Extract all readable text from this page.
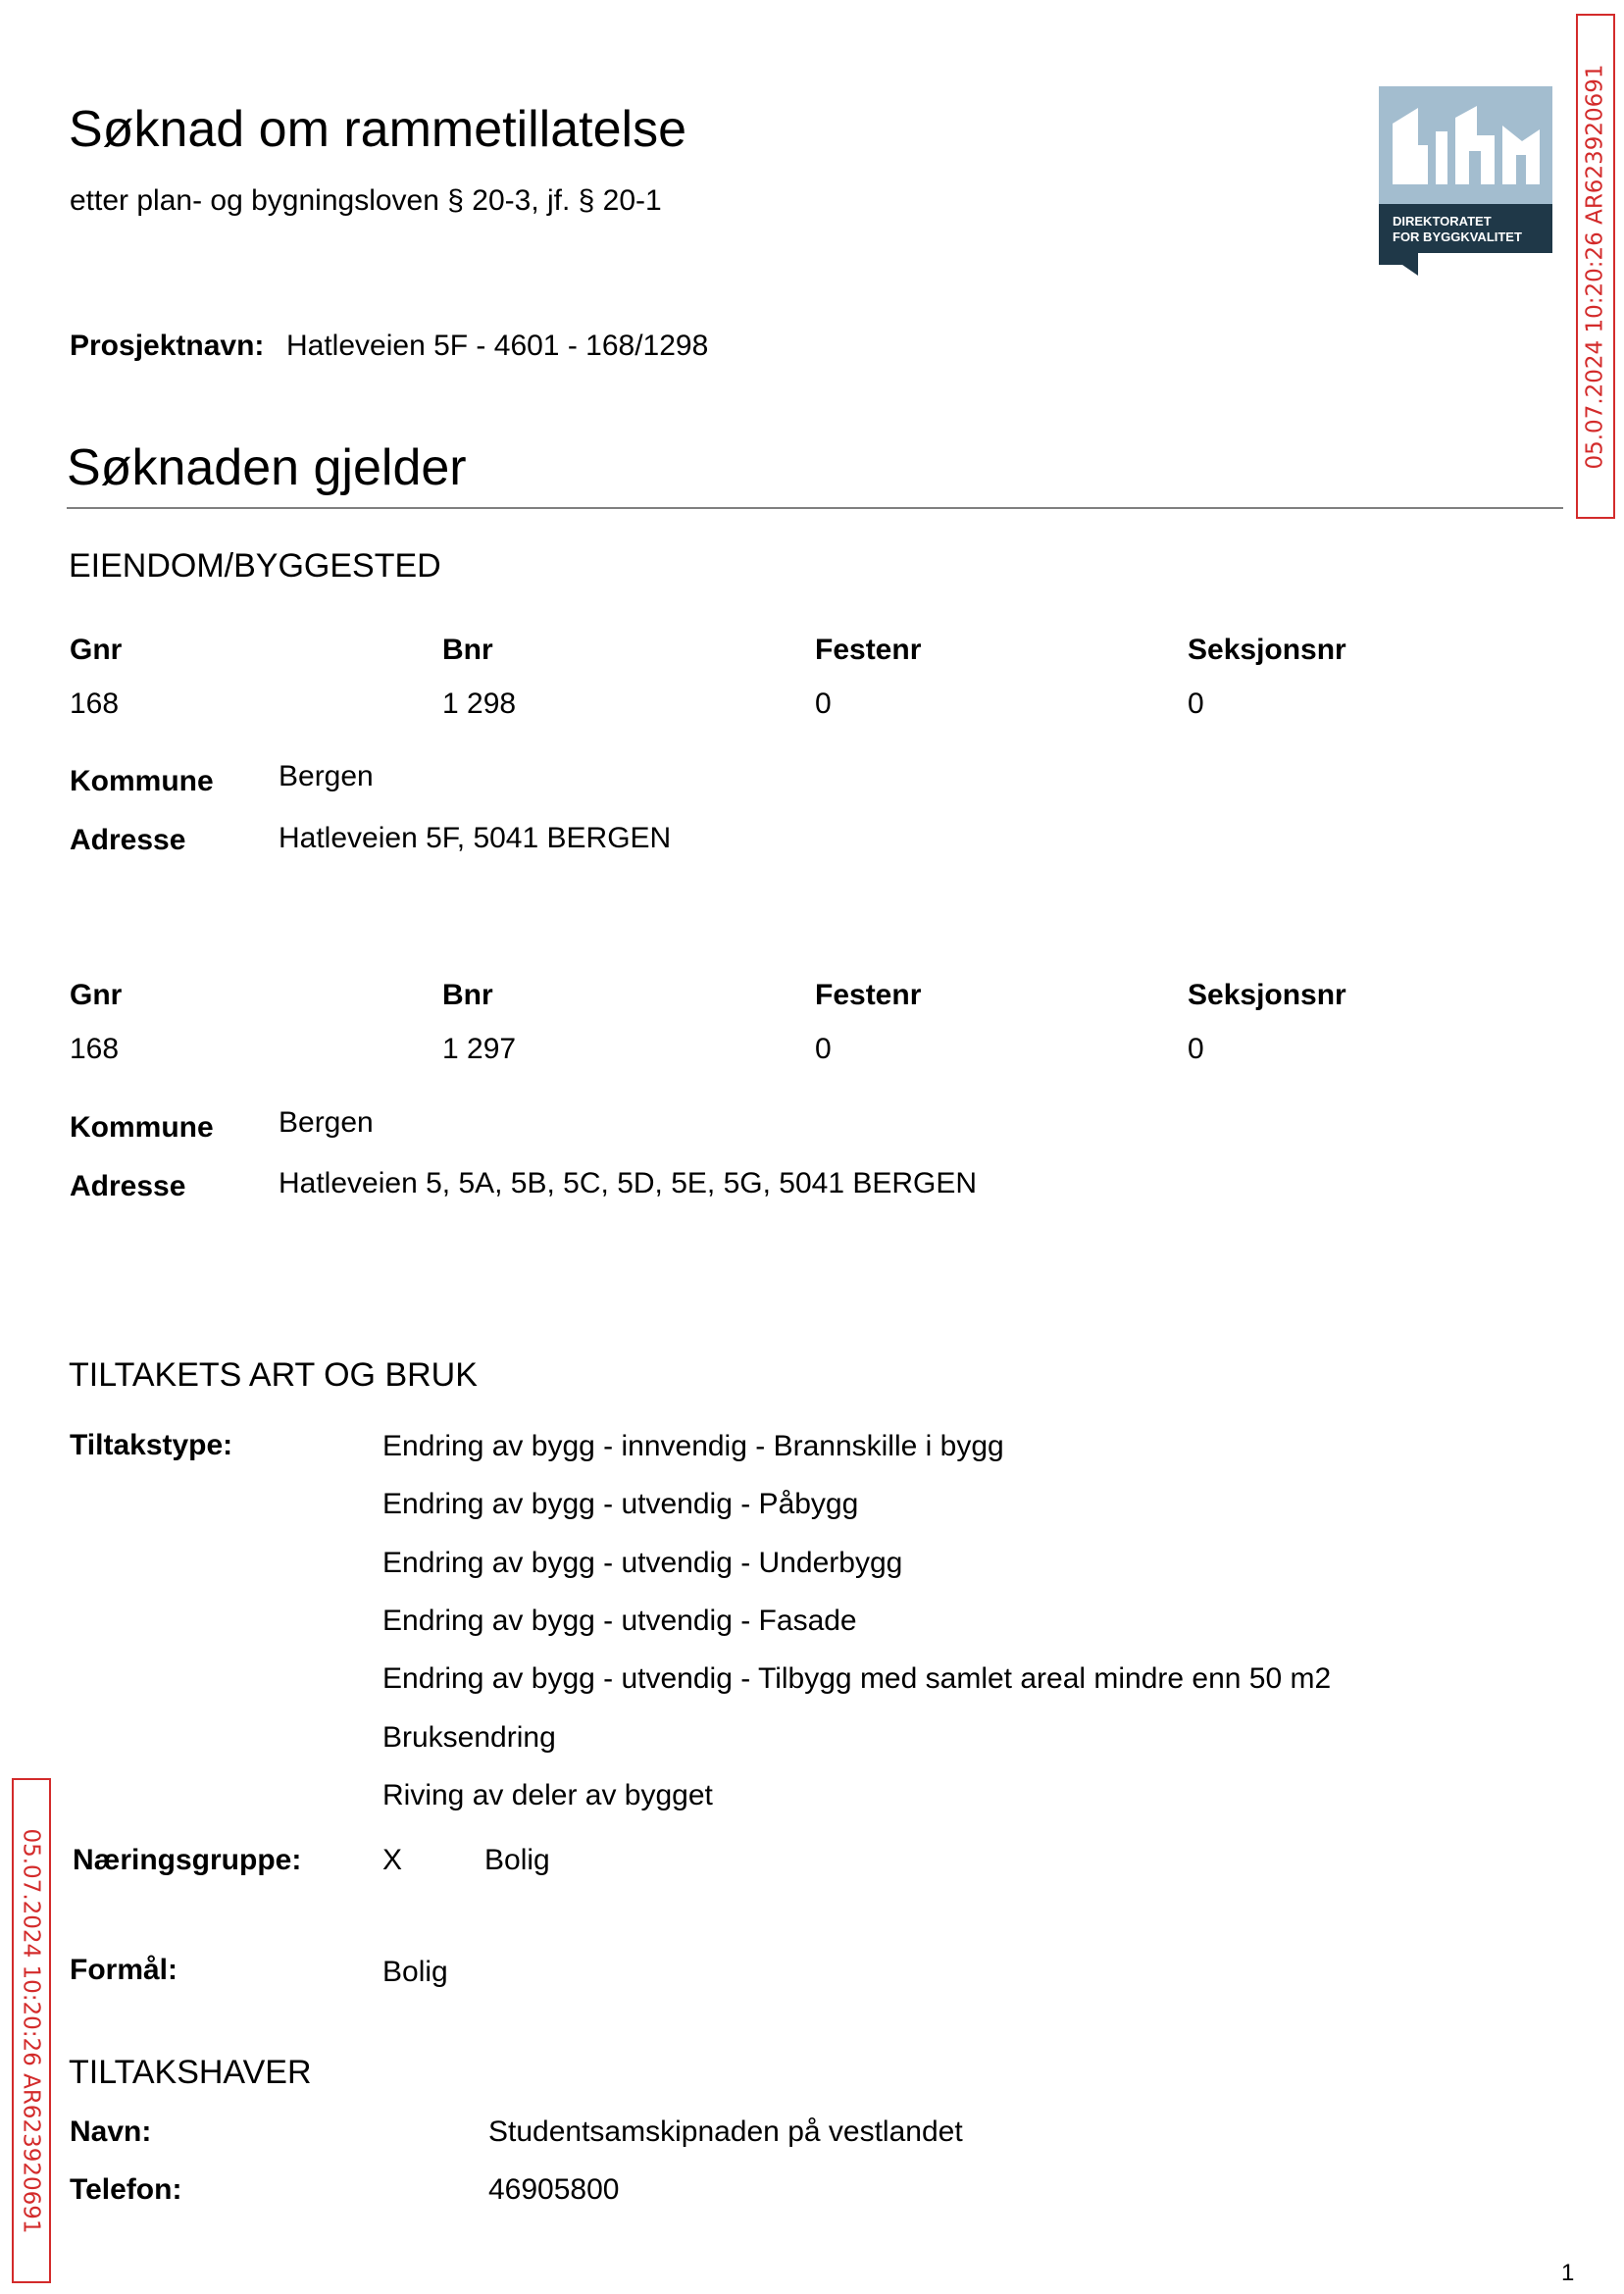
Søknad om rammetillatelse
etter plan- og bygningsloven § 20-3, jf. § 20-1
DIREKTORATET
FOR BYGGKVALITET	05.07.2024 10:20:26 AR623920691
05.07.2024 10:20:26 AR623920691
Prosjektnavn: Hatleveien 5F - 4601 - 168/1298
Søknaden gjelder
EIENDOM/BYGGESTED
Gnr	Bnr	Festenr	Seksjonsnr
168	1 298	0	0
Kommune Bergen
Adresse	Hatleveien 5F, 5041 BERGEN
Gnr	Bnr	Festenr	Seksjonsnr
168	1 297	0	0
Kommune Bergen
Adresse	Hatleveien 5, 5A, 5B, 5C, 5D, 5E, 5G, 5041 BERGEN
TILTAKETS ART OG BRUK
Tiltakstype:	Endring av bygg - innvendig - Brannskille i bygg
Endring av bygg - utvendig - Påbygg
Endring av bygg - utvendig - Underbygg
Endring av bygg - utvendig - Fasade
Endring av bygg - utvendig - Tilbygg med samlet areal mindre enn 50 m2
Bruksendring
Riving av deler av bygget
Næringsgruppe:	X	Bolig
Formål:	Bolig
TILTAKSHAVER
Navn:	Studentsamskipnaden på vestlandet
Telefon:	46905800
1
